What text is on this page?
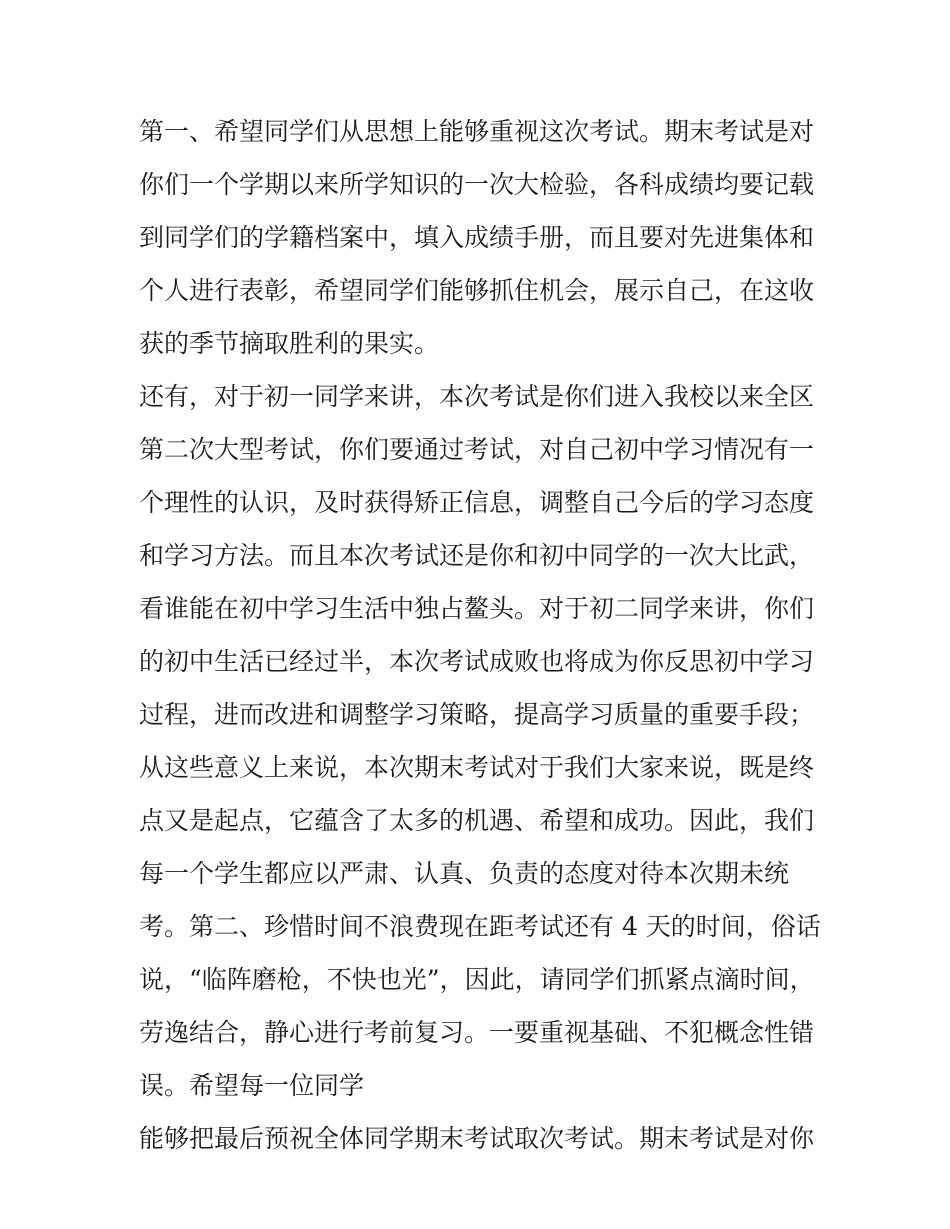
第一、希望同学们从思想上能够重视这次考试。期末考试是对
你们一个学期以来所学知识的一次大检验，各科成绩均要记载
到同学们的学籍档案中，填入成绩手册，而且要对先进集体和
个人进行表彰，希望同学们能够抓住机会，展示自己，在这收
获的季节摘取胜利的果实。
还有，对于初一同学来讲，本次考试是你们进入我校以来全区
第二次大型考试，你们要通过考试，对自己初中学习情况有一
个理性的认识，及时获得矫正信息，调整自己今后的学习态度
和学习方法。而且本次考试还是你和初中同学的一次大比武，
看谁能在初中学习生活中独占鳌头。对于初二同学来讲，你们
的初中生活已经过半，本次考试成败也将成为你反思初中学习
过程，进而改进和调整学习策略，提高学习质量的重要手段；
从这些意义上来说，本次期末考试对于我们大家来说，既是终
点又是起点，它蕴含了太多的机遇、希望和成功。因此，我们
每一个学生都应以严肃、认真、负责的态度对待本次期未统
考。第二、珍惜时间不浪费现在距考试还有 4 天的时间，俗话
说，“临阵磨枪，不快也光”，因此，请同学们抓紧点滴时间，
劳逸结合，静心进行考前复习。一要重视基础、不犯概念性错
误。希望每一位同学
能够把最后预祝全体同学期末考试取次考试。期末考试是对你
